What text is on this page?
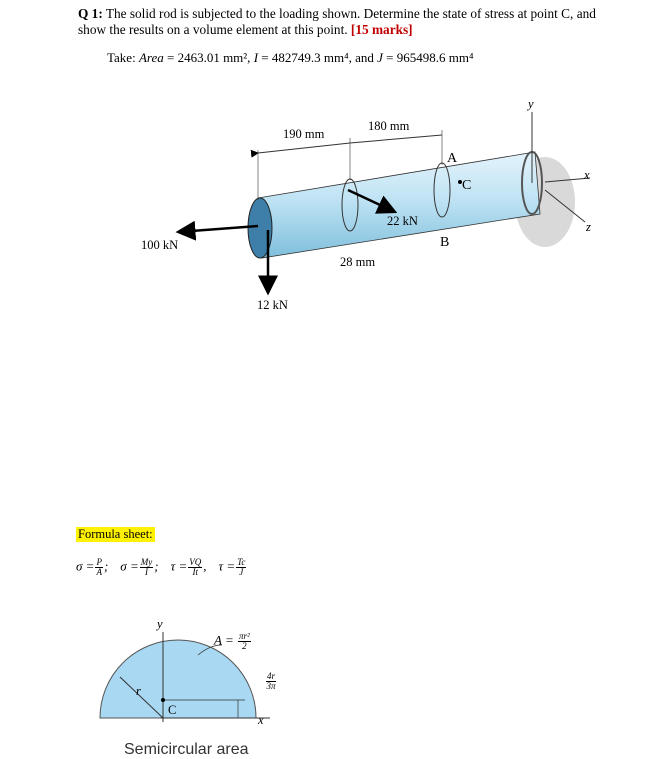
Q 1: The solid rod is subjected to the loading shown. Determine the state of stress at point C, and show the results on a volume element at this point. [15 marks]
Take: Area = 2463.01 mm², I = 482749.3 mm⁴, and J = 965498.6 mm⁴
190 mm
180 mm
28 mm
100 kN
12 kN
22 kN
A
B
C
x
y
z
Formula sheet:
$\sigma = \frac{P}{A}$ ; $\sigma = \frac{My}{I}$ ; $\tau = \frac{VQ}{It}$ , $\tau = \frac{Tc}{J}$
y
x
r
C
$A = \frac{\text{πr²}}{2}$
$\frac{4r}{3\pi}$
Semicircular area
